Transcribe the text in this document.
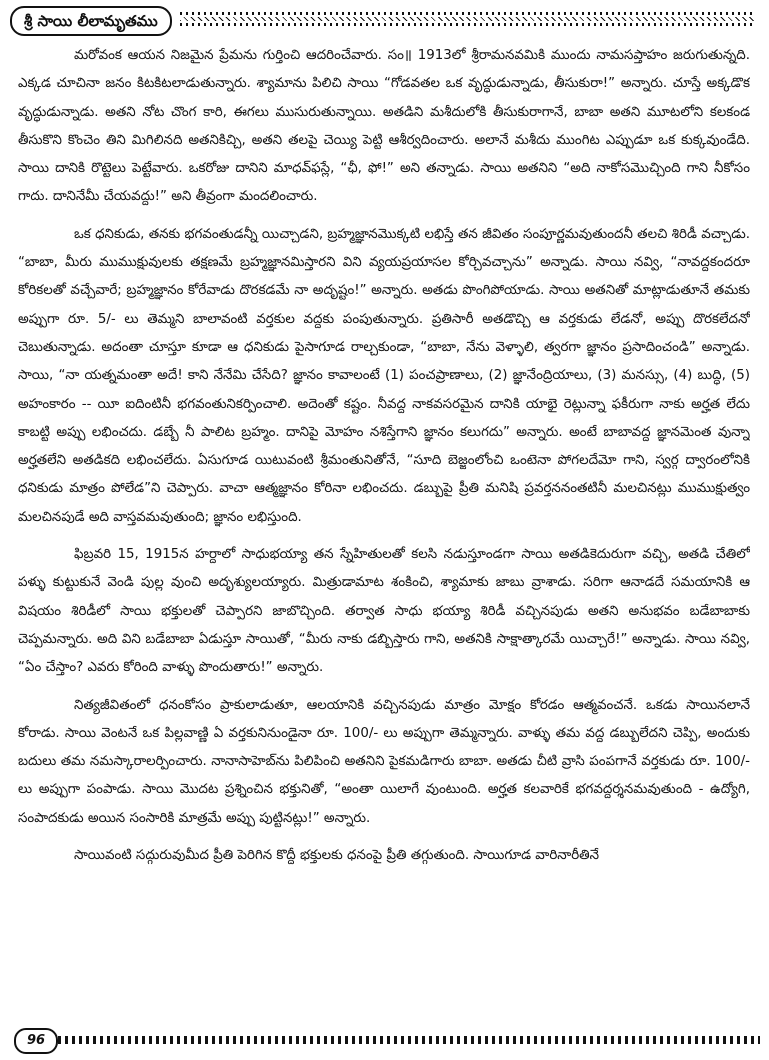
శ్రీ సాయి లీలామృతము

మరోవంక ఆయన నిజమైన ప్రేమను గుర్తించి ఆదరించేవారు. సం॥ 1913లో శ్రీరామనవమికి ముందు నామసప్తాహం జరుగుతున్నది. ఎక్కడ చూచినా జనం కిటకిటలాడుతున్నారు. శ్యామాను పిలిచి సాయి “గోడవతల ఒక వృద్ధుడున్నాడు, తీసుకురా!” అన్నారు. చూస్తే అక్కడొక వృద్ధుడున్నాడు. అతని నోట చొంగ కారి, ఈగలు ముసురుతున్నాయి. అతడిని మశీదులోకి తీసుకురాగానే, బాబా అతని మూటలోని కలకండ తీసుకొని కొంచెం తిని మిగిలినది అతనికిచ్చి, అతని తలపై చెయ్యి పెట్టి ఆశీర్వదించారు. అలానే మశీదు ముంగిట ఎప్పుడూ ఒక కుక్కవుండేది. సాయి దానికి రొట్టెలు పెట్టేవారు. ఒకరోజు దానిని మాధవ్‌ఫస్లే, “ఛీ, ఫో!” అని తన్నాడు. సాయి అతనిని “అది నాకోసమొచ్చింది గాని నీకోసం గాదు. దానినేమీ చేయవద్దు!” అని తీవ్రంగా మందలించారు.

ఒక ధనికుడు, తనకు భగవంతుడన్నీ యిచ్చాడని, బ్రహ్మజ్ఞానమొక్కటి లభిస్తే తన జీవితం సంపూర్ణమవుతుందనీ తలచి శిరిడీ వచ్చాడు. “బాబా, మీరు ముముక్షువులకు తక్షణమే బ్రహ్మజ్ఞానమిస్తారని విని వ్యయప్రయాసల కోర్చివచ్చాను” అన్నాడు. సాయి నవ్వి, “నావద్దకందరూ కోరికలతో వచ్చేవారే; బ్రహ్మజ్ఞానం కోరేవాడు దొరకడమే నా అదృష్టం!” అన్నారు. అతడు పొంగిపోయాడు. సాయి అతనితో మాట్లాడుతూనే తమకు అప్పుగా రూ. 5/- లు తెమ్మని బాలావంటి వర్తకుల వద్దకు పంపుతున్నారు. ప్రతిసారీ అతడొచ్చి ఆ వర్తకుడు లేడనో, అప్పు దొరకలేదనో చెబుతున్నాడు. అదంతా చూస్తూ కూడా ఆ ధనికుడు పైసాగూడ రాల్చకుండా, “బాబా, నేను వెళ్ళాలి, త్వరగా జ్ఞానం ప్రసాదించండి” అన్నాడు. సాయి, “నా యత్నమంతా అదే! కాని నేనేమి చేసేది? జ్ఞానం కావాలంటే (1) పంచప్రాణాలు, (2) జ్ఞానేంద్రియాలు, (3) మనస్సు, (4) బుద్ధి, (5) అహంకారం -- యీ ఐదింటినీ భగవంతునికర్పించాలి. అదెంతో కష్టం. నీవద్ద నాకవసరమైన దానికి యాభై రెట్లున్నా ఫకీరుగా నాకు అర్హత లేదు కాబట్టి అప్పు లభించదు. డబ్బే నీ పాలిట బ్రహ్మం. దానిపై మోహం నశిస్తేగాని జ్ఞానం కలుగదు” అన్నారు. అంటే బాబావద్ద జ్ఞానమెంత వున్నా అర్హతలేని అతడికది లభించలేదు. ఏసుగూడ యిటువంటి శ్రీమంతునితోనే, “సూది బెజ్జంలోంచి ఒంటెనా పోగలదేమో గాని, స్వర్గ ద్వారంలోనికి ధనికుడు మాత్రం పోలేడ”ని చెప్పారు. వాచా ఆత్మజ్ఞానం కోరినా లభించదు. డబ్బుపై ప్రీతి మనిషి ప్రవర్తననంతటినీ మలచినట్లు ముముక్షుత్వం మలచినపుడే అది వాస్తవమవుతుంది; జ్ఞానం లభిస్తుంది.

ఫిబ్రవరి 15, 1915న హర్దాలో సాధుభయ్యా తన స్నేహితులతో కలసి నడుస్తూండగా సాయి అతడికెదురుగా వచ్చి, అతడి చేతిలో పళ్ళు కుట్టుకునే వెండి పుల్ల వుంచి అదృశ్యులయ్యారు. మిత్రుడామాట శంకించి, శ్యామాకు జాబు వ్రాశాడు. సరిగా ఆనాడదే సమయానికి ఆ విషయం శిరిడీలో సాయి భక్తులతో చెప్పారని జాబొచ్చింది. తర్వాత సాధు భయ్యా శిరిడీ వచ్చినపుడు అతని అనుభవం బడేబాబాకు చెప్పమన్నారు. అది విని బడేబాబా ఏడుస్తూ సాయితో, “మీరు నాకు డబ్బిస్తారు గాని, అతనికి సాక్షాత్కారమే యిచ్చారే!” అన్నాడు. సాయి నవ్వి, “ఏం చేస్తాం? ఎవరు కోరింది వాళ్ళు పొందుతారు!” అన్నారు.

నిత్యజీవితంలో ధనంకోసం ప్రాకులాడుతూ, ఆలయానికి వచ్చినపుడు మాత్రం మోక్షం కోరడం ఆత్మవంచనే. ఒకడు సాయినలానే కోరాడు. సాయి వెంటనే ఒక పిల్లవాణ్ణి ఏ వర్తకునినుండైనా రూ. 100/- లు అప్పుగా తెమ్మన్నారు. వాళ్ళు తమ వద్ద డబ్బులేదని చెప్పి, అందుకు బదులు తమ నమస్కారాలర్పించారు. నానాసాహెబ్‌ను పిలిపించి అతనిని పైకమడిగారు బాబా. అతడు చీటి వ్రాసి పంపగానే వర్తకుడు రూ. 100/-లు అప్పుగా పంపాడు. సాయి మొదట ప్రశ్నించిన భక్తునితో, “అంతా యిలాగే వుంటుంది. అర్హత కలవారికే భగవద్దర్శనమవుతుంది - ఉద్యోగి, సంపాదకుడు అయిన సంసారికి మాత్రమే అప్పు పుట్టినట్లు!” అన్నారు.

సాయివంటి సద్గురువుమీద ప్రీతి పెరిగిన కొద్దీ భక్తులకు ధనంపై ప్రీతి తగ్గుతుంది. సాయిగూడ వారినారీతినే

96
